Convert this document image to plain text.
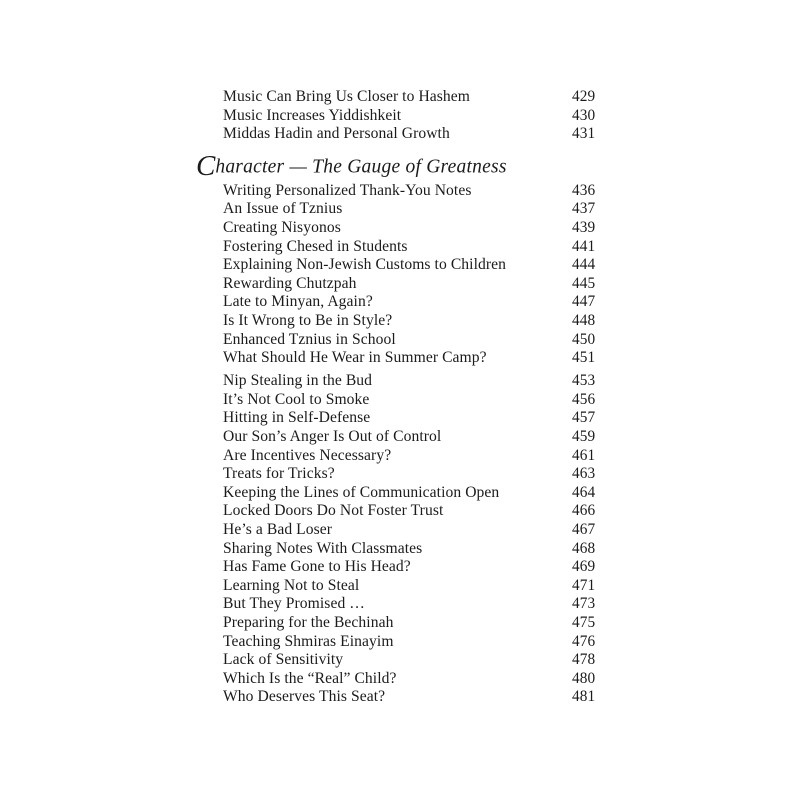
Music Can Bring Us Closer to Hashem	429
Music Increases Yiddishkeit	430
Middas Hadin and Personal Growth	431
Character — The Gauge of Greatness
Writing Personalized Thank-You Notes	436
An Issue of Tznius	437
Creating Nisyonos	439
Fostering Chesed in Students	441
Explaining Non-Jewish Customs to Children	444
Rewarding Chutzpah	445
Late to Minyan, Again?	447
Is It Wrong to Be in Style?	448
Enhanced Tznius in School	450
What Should He Wear in Summer Camp?	451
Nip Stealing in the Bud	453
It’s Not Cool to Smoke	456
Hitting in Self-Defense	457
Our Son’s Anger Is Out of Control	459
Are Incentives Necessary?	461
Treats for Tricks?	463
Keeping the Lines of Communication Open	464
Locked Doors Do Not Foster Trust	466
He’s a Bad Loser	467
Sharing Notes With Classmates	468
Has Fame Gone to His Head?	469
Learning Not to Steal	471
But They Promised …	473
Preparing for the Bechinah	475
Teaching Shmiras Einayim	476
Lack of Sensitivity	478
Which Is the “Real” Child?	480
Who Deserves This Seat?	481
